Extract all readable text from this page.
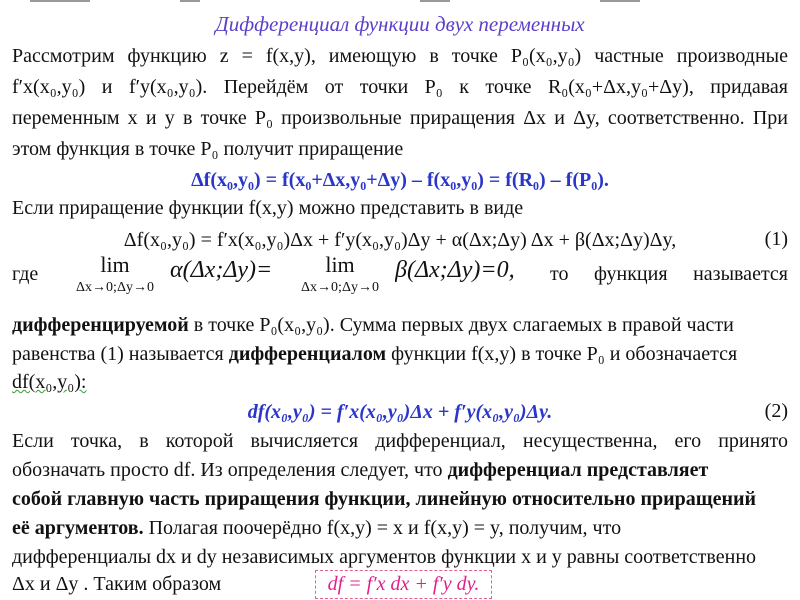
Дифференциал функции двух переменных
Рассмотрим функцию z = f(x,y), имеющую в точке P₀(x₀,y₀) частные производные
f′x(x₀,y₀) и f′y(x₀,y₀). Перейдём от точки P₀ к точке R₀(x₀+Δx,y₀+Δy), придавая
переменным x и y в точке P₀ произвольные приращения Δx и Δy, соответственно. При
этом функция в точке P₀ получит приращение
Δf(x₀,y₀) = f(x₀+Δx,y₀+Δy) – f(x₀,y₀) = f(R₀) – f(P₀).
Если приращение функции f(x,y) можно представить в виде
Δf(x₀,y₀) = f′x(x₀,y₀)Δx + f′y(x₀,y₀)Δy + α(Δx;Δy) Δx + β(Δx;Δy)Δy,	(1)
где	lim
Δx→0;Δy→0
α(Δx;Δy)=	lim
Δx→0;Δy→0
β(Δx;Δy)=0,	то функция называется
дифференцируемой в точке P₀(x₀,y₀). Сумма первых двух слагаемых в правой части
равенства (1) называется дифференциалом функции f(x,y) в точке P₀ и обозначается
df(x₀,y₀):
df(x₀,y₀) = f′x(x₀,y₀)Δx + f′y(x₀,y₀)Δy.	(2)
Если точка, в которой вычисляется дифференциал, несущественна, его принято
обозначать просто df. Из определения следует, что дифференциал представляет
собой главную часть приращения функции, линейную относительно приращений
её аргументов. Полагая поочерёдно f(x,y) = x и f(x,y) = y, получим, что
дифференциалы dx и dy независимых аргументов функции x и y равны соответственно
Δx и Δy . Таким образом	df = f′x dx + f′y dy.
